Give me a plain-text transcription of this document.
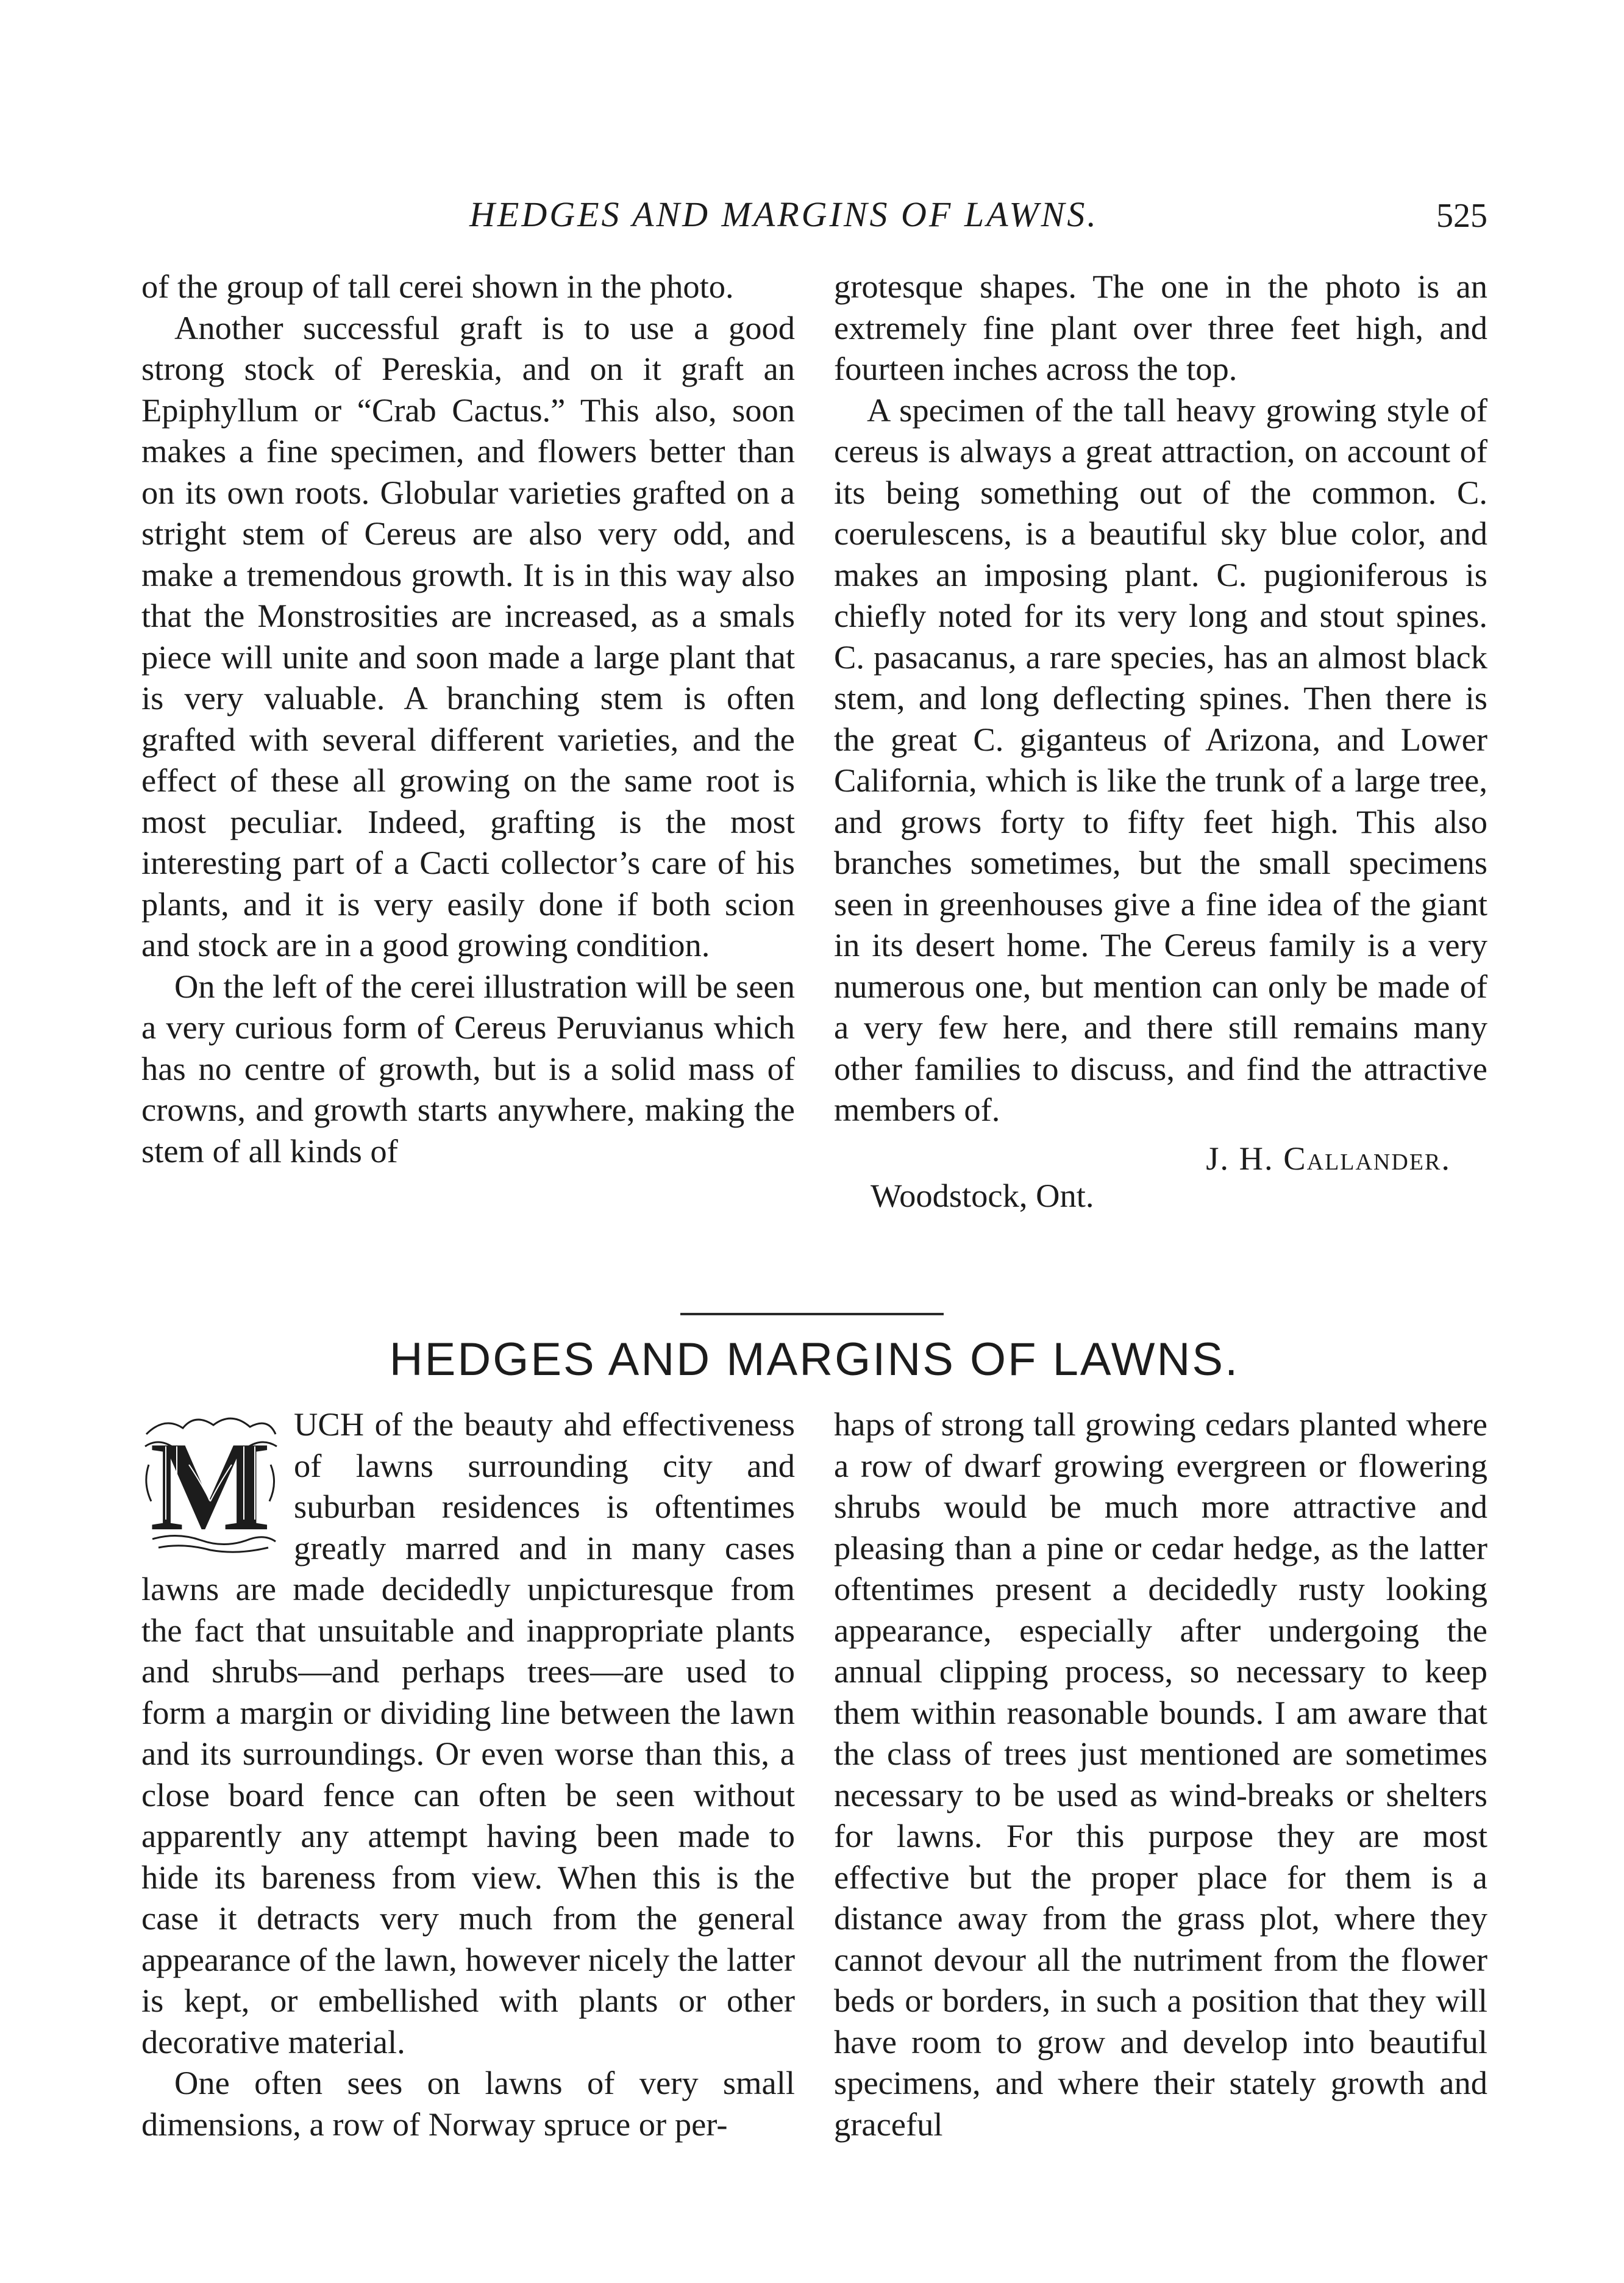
HEDGES AND MARGINS OF LAWNS.	525

of the group of tall cerei shown in the photo.

Another successful graft is to use a good strong stock of Pereskia, and on it graft an Epiphyllum or “Crab Cactus.” This also, soon makes a fine specimen, and flowers better than on its own roots. Globular varieties grafted on a stright stem of Cereus are also very odd, and make a tremendous growth. It is in this way also that the Monstrosities are increased, as a smals piece will unite and soon made a large plant that is very valuable. A branching stem is often grafted with several different varieties, and the effect of these all growing on the same root is most peculiar. Indeed, grafting is the most interesting part of a Cacti collector’s care of his plants, and it is very easily done if both scion and stock are in a good growing condition.

On the left of the cerei illustration will be seen a very curious form of Cereus Peruvianus which has no centre of growth, but is a solid mass of crowns, and growth starts anywhere, making the stem of all kinds of

grotesque shapes. The one in the photo is an extremely fine plant over three feet high, and fourteen inches across the top.

A specimen of the tall heavy growing style of cereus is always a great attraction, on account of its being something out of the common. C. coerulescens, is a beautiful sky blue color, and makes an imposing plant. C. pugioniferous is chiefly noted for its very long and stout spines. C. pasacanus, a rare species, has an almost black stem, and long deflecting spines. Then there is the great C. giganteus of Arizona, and Lower California, which is like the trunk of a large tree, and grows forty to fifty feet high. This also branches sometimes, but the small specimens seen in greenhouses give a fine idea of the giant in its desert home. The Cereus family is a very numerous one, but mention can only be made of a very few here, and there still remains many other families to discuss, and find the attractive members of.

J. H. Callander.

Woodstock, Ont.

HEDGES AND MARGINS OF LAWNS.
M UCH of the beauty ahd effectiveness of lawns surrounding city and suburban residences is oftentimes greatly marred and in many cases lawns are made decidedly unpicturesque from the fact that unsuitable and inappropriate plants and shrubs—and perhaps trees—are used to form a margin or dividing line between the lawn and its surroundings. Or even worse than this, a close board fence can often be seen without apparently any attempt having been made to hide its bareness from view. When this is the case it detracts very much from the general appearance of the lawn, however nicely the latter is kept, or embellished with plants or other decorative material.

One often sees on lawns of very small dimensions, a row of Norway spruce or per-

haps of strong tall growing cedars planted where a row of dwarf growing evergreen or flowering shrubs would be much more attractive and pleasing than a pine or cedar hedge, as the latter oftentimes present a decidedly rusty looking appearance, especially after undergoing the annual clipping process, so necessary to keep them within reasonable bounds. I am aware that the class of trees just mentioned are sometimes necessary to be used as wind-breaks or shelters for lawns. For this purpose they are most effective but the proper place for them is a distance away from the grass plot, where they cannot devour all the nutriment from the flower beds or borders, in such a position that they will have room to grow and develop into beautiful specimens, and where their stately growth and graceful
